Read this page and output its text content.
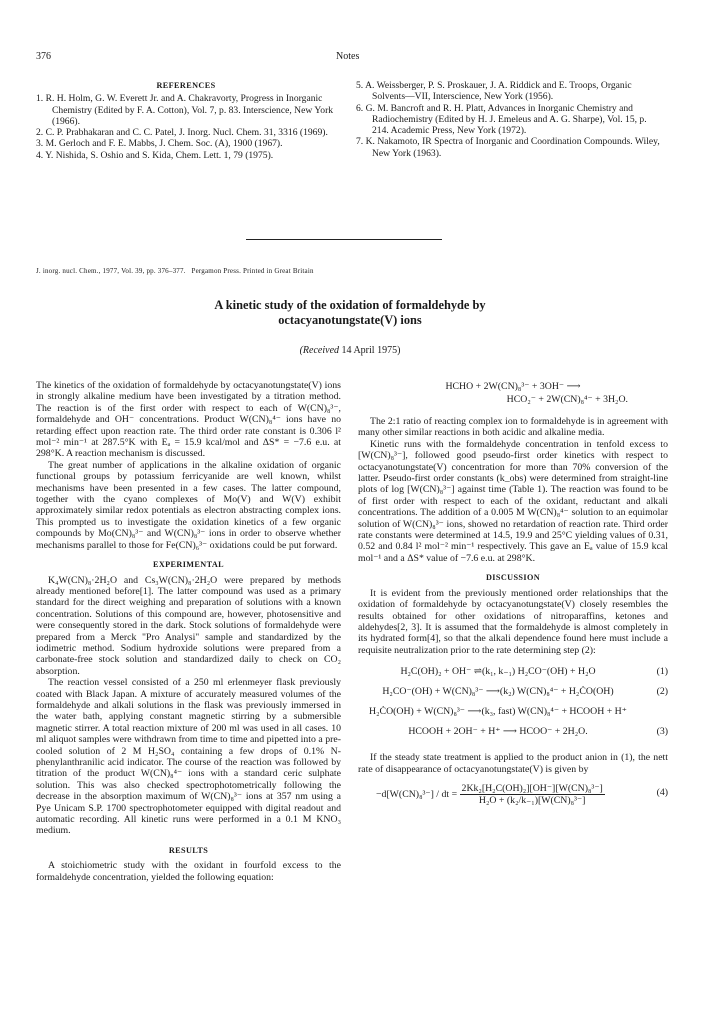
376	Notes
REFERENCES

1. R. H. Holm, G. W. Everett Jr. and A. Chakravorty, Progress in Inorganic Chemistry (Edited by F. A. Cotton), Vol. 7, p. 83. Interscience, New York (1966).

2. C. P. Prabhakaran and C. C. Patel, J. Inorg. Nucl. Chem. 31, 3316 (1969).

3. M. Gerloch and F. E. Mabbs, J. Chem. Soc. (A), 1900 (1967).

4. Y. Nishida, S. Oshio and S. Kida, Chem. Lett. 1, 79 (1975).

5. A. Weissberger, P. S. Proskauer, J. A. Riddick and E. Troops, Organic Solvents—VII, Interscience, New York (1956).

6. G. M. Bancroft and R. H. Platt, Advances in Inorganic Chemistry and Radiochemistry (Edited by H. J. Emeleus and A. G. Sharpe), Vol. 15, p. 214. Academic Press, New York (1972).

7. K. Nakamoto, IR Spectra of Inorganic and Coordination Compounds. Wiley, New York (1963).

J. inorg. nucl. Chem., 1977, Vol. 39, pp. 376–377. Pergamon Press. Printed in Great Britain
A kinetic study of the oxidation of formaldehyde by
octacyanotungstate(V) ions
(Received 14 April 1975)

The kinetics of the oxidation of formaldehyde by octacyanotungstate(V) ions in strongly alkaline medium have been investigated by a titration method. The reaction is of the first order with respect to each of W(CN)₈³⁻, formaldehyde and OH⁻ concentrations. Product W(CN)₈⁴⁻ ions have no retarding effect upon reaction rate. The third order rate constant is 0.306 l² mol⁻² min⁻¹ at 287.5°K with Eₐ = 15.9 kcal/mol and ΔS* = −7.6 e.u. at 298°K. A reaction mechanism is discussed.

The great number of applications in the alkaline oxidation of organic functional groups by potassium ferricyanide are well known, whilst mechanisms have been presented in a few cases. The latter compound, together with the cyano complexes of Mo(V) and W(V) exhibit approximately similar redox potentials as electron abstracting complex ions. This prompted us to investigate the oxidation kinetics of a few organic compounds by Mo(CN)₈³⁻ and W(CN)₈³⁻ ions in order to observe whether mechanisms parallel to those for Fe(CN)₆³⁻ oxidations could be put forward.

EXPERIMENTAL

K₄W(CN)₈·2H₂O and Cs₃W(CN)₈·2H₂O were prepared by methods already mentioned before[1]. The latter compound was used as a primary standard for the direct weighing and preparation of solutions with a known concentration. Solutions of this compound are, however, photosensitive and were consequently stored in the dark. Stock solutions of formaldehyde were prepared from a Merck "Pro Analysi" sample and standardized by the iodimetric method. Sodium hydroxide solutions were prepared from a carbonate-free stock solution and standardized daily to check on CO₂ absorption.

The reaction vessel consisted of a 250 ml erlenmeyer flask previously coated with Black Japan. A mixture of accurately measured volumes of the formaldehyde and alkali solutions in the flask was previously immersed in the water bath, applying constant magnetic stirring by a submersible magnetic stirrer. A total reaction mixture of 200 ml was used in all cases. 10 ml aliquot samples were withdrawn from time to time and pipetted into a pre-cooled solution of 2 M H₂SO₄ containing a few drops of 0.1% N-phenylanthranilic acid indicator. The course of the reaction was followed by titration of the product W(CN)₈⁴⁻ ions with a standard ceric sulphate solution. This was also checked spectrophotometrically following the decrease in the absorption maximum of W(CN)₈³⁻ ions at 357 nm using a Pye Unicam S.P. 1700 spectrophotometer equipped with digital readout and automatic recording. All kinetic runs were performed in a 0.1 M KNO₃ medium.

RESULTS

A stoichiometric study with the oxidant in fourfold excess to the formaldehyde concentration, yielded the following equation:

HCHO + 2W(CN)₈³⁻ + 3OH⁻ ⟶
HCO₂⁻ + 2W(CN)₈⁴⁻ + 3H₂O.

The 2:1 ratio of reacting complex ion to formaldehyde is in agreement with many other similar reactions in both acidic and alkaline media.

Kinetic runs with the formaldehyde concentration in tenfold excess to [W(CN)₈³⁻], followed good pseudo-first order kinetics with respect to octacyanotungstate(V) concentration for more than 70% conversion of the latter. Pseudo-first order constants (k_obs) were determined from straight-line plots of log [W(CN)₈³⁻] against time (Table 1). The reaction was found to be of first order with respect to each of the oxidant, reductant and alkali concentrations. The addition of a 0.005 M W(CN)₈⁴⁻ solution to an equimolar solution of W(CN)₈³⁻ ions, showed no retardation of reaction rate. Third order rate constants were determined at 14.5, 19.9 and 25°C yielding values of 0.31, 0.52 and 0.84 l² mol⁻² min⁻¹ respectively. This gave an Eₐ value of 15.9 kcal mol⁻¹ and a ΔS* value of −7.6 e.u. at 298°K.

DISCUSSION

It is evident from the previously mentioned order relationships that the oxidation of formaldehyde by octacyanotungstate(V) closely resembles the results obtained for other oxidations of nitroparaffins, ketones and aldehydes[2, 3]. It is assumed that the formaldehyde is almost completely in its hydrated form[4], so that the alkali dependence found here must include a requisite neutralization prior to the rate determining step (2):

H₂C(OH)₂ + OH⁻ ⇌(k₁, k₋₁) H₂CO⁻(OH) + H₂O	(1)
H₂CO⁻(OH) + W(CN)₈³⁻ ⟶(k₂) W(CN)₈⁴⁻ + H₂ĊO(OH)	(2)
H₂ĊO(OH) + W(CN)₈³⁻ ⟶(k₃, fast) W(CN)₈⁴⁻ + HCOOH + H⁺
HCOOH + 2OH⁻ + H⁺ ⟶ HCOO⁻ + 2H₂O.	(3)

If the steady state treatment is applied to the product anion in (1), the nett rate of disappearance of octacyanotungstate(V) is given by

−d[W(CN)₈³⁻] / dt = $\frac{\text{2Kk₂[H₂C(OH)₂][OH⁻][W(CN)₈³⁻]}}{\text{H₂O + (k₂/k₋₁)[W(CN)₈³⁻]}}$	(4)
